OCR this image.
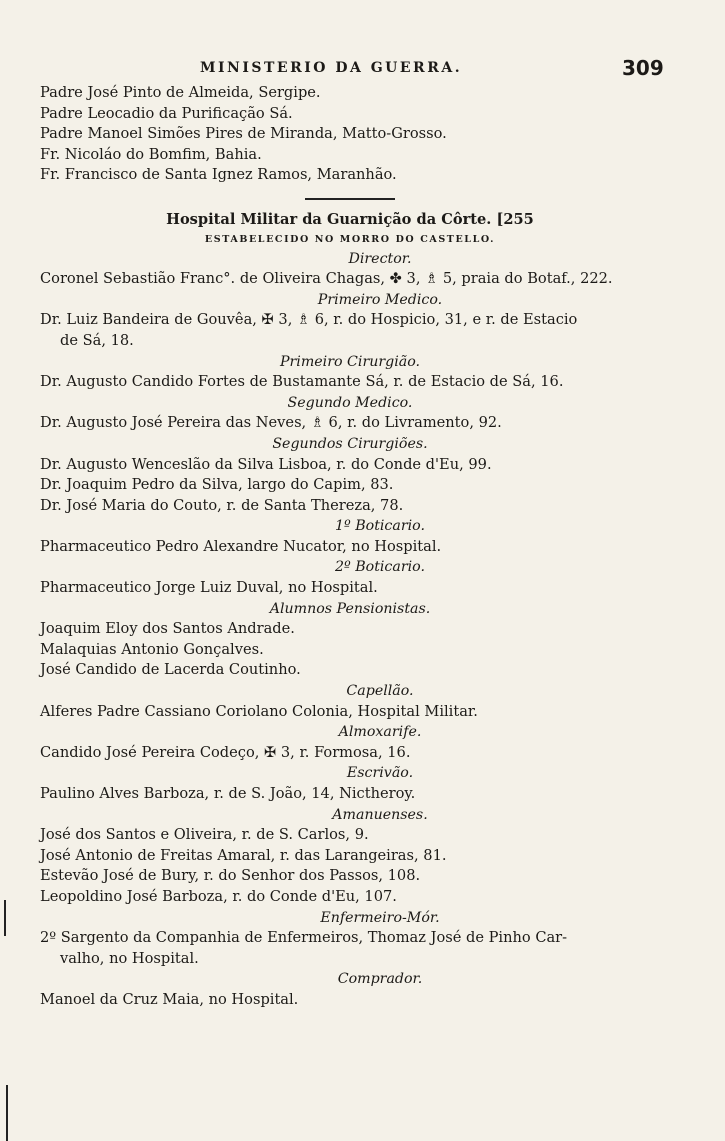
MINISTERIO DA GUERRA.	309
Padre José Pinto de Almeida, Sergipe.
Padre Leocadio da Purificação Sá.
Padre Manoel Simões Pires de Miranda, Matto-Grosso.
Fr. Nicoláo do Bomfim, Bahia.
Fr. Francisco de Santa Ignez Ramos, Maranhão.
Hospital Militar da Guarnição da Côrte. [255
ESTABELECIDO NO MORRO DO CASTELLO.
Director.
Coronel Sebastião Franc°. de Oliveira Chagas, ✤ 3, ♗ 5, praia do Botaf., 222.
Primeiro Medico.
Dr. Luiz Bandeira de Gouvêa, ✠ 3, ♗ 6, r. do Hospicio, 31, e r. de Estacio
de Sá, 18.
Primeiro Cirurgião.
Dr. Augusto Candido Fortes de Bustamante Sá, r. de Estacio de Sá, 16.
Segundo Medico.
Dr. Augusto José Pereira das Neves, ♗ 6, r. do Livramento, 92.
Segundos Cirurgiões.
Dr. Augusto Wenceslão da Silva Lisboa, r. do Conde d'Eu, 99.
Dr. Joaquim Pedro da Silva, largo do Capim, 83.
Dr. José Maria do Couto, r. de Santa Thereza, 78.
1º Boticario.
Pharmaceutico Pedro Alexandre Nucator, no Hospital.
2º Boticario.
Pharmaceutico Jorge Luiz Duval, no Hospital.
Alumnos Pensionistas.
Joaquim Eloy dos Santos Andrade.
Malaquias Antonio Gonçalves.
José Candido de Lacerda Coutinho.
Capellão.
Alferes Padre Cassiano Coriolano Colonia, Hospital Militar.
Almoxarife.
Candido José Pereira Codeço, ✠ 3, r. Formosa, 16.
Escrivão.
Paulino Alves Barboza, r. de S. João, 14, Nictheroy.
Amanuenses.
José dos Santos e Oliveira, r. de S. Carlos, 9.
José Antonio de Freitas Amaral, r. das Larangeiras, 81.
Estevão José de Bury, r. do Senhor dos Passos, 108.
Leopoldino José Barboza, r. do Conde d'Eu, 107.
Enfermeiro-Mór.
2º Sargento da Companhia de Enfermeiros, Thomaz José de Pinho Car-
valho, no Hospital.
Comprador.
Manoel da Cruz Maia, no Hospital.
